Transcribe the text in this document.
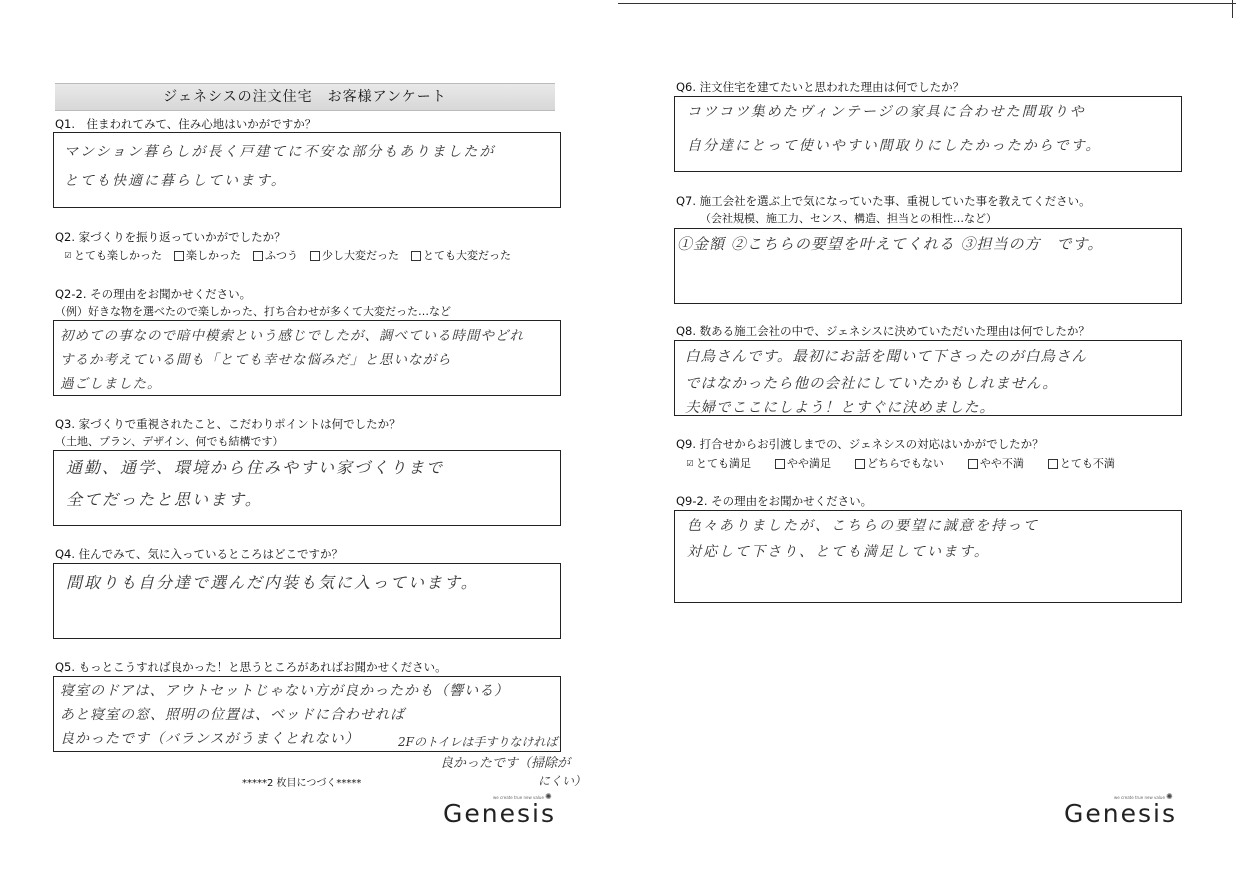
ジェネシスの注文住宅　お客様アンケート
Q1.　住まわれてみて、住み心地はいかがですか？
マンション暮らしが長く戸建てに不安な部分もありましたが
とても快適に暮らしています。
Q2. 家づくりを振り返っていかがでしたか？
☑ とても楽しかった 楽しかった ふつう 少し大変だった とても大変だった
Q2-2. その理由をお聞かせください。
（例）好きな物を選べたので楽しかった、打ち合わせが多くて大変だった…など
初めての事なので暗中模索という感じでしたが、調べている時間やどれ
するか考えている間も「とても幸せな悩みだ」と思いながら
過ごしました。
Q3. 家づくりで重視されたこと、こだわりポイントは何でしたか？
（土地、プラン、デザイン、何でも結構です）
通勤、通学、環境から住みやすい家づくりまで
全てだったと思います。
Q4. 住んでみて、気に入っているところはどこですか？
間取りも自分達で選んだ内装も気に入っています。
Q5. もっとこうすれば良かった！と思うところがあればお聞かせください。
寝室のドアは、アウトセットじゃない方が良かったかも（響いる）
あと寝室の窓、照明の位置は、ベッドに合わせれば
良かったです（バランスがうまくとれない）	2Fのトイレは手すりなければ
良かったです（掃除が
にくい）
*****2 枚目につづく*****
we create true new value ✺
Genesis
Q6. 注文住宅を建てたいと思われた理由は何でしたか？
コツコツ集めたヴィンテージの家具に合わせた間取りや
自分達にとって使いやすい間取りにしたかったからです。
Q7. 施工会社を選ぶ上で気になっていた事、重視していた事を教えてください。
（会社規模、施工力、センス、構造、担当との相性…など）
①金額 ②こちらの要望を叶えてくれる ③担当の方　です。
Q8. 数ある施工会社の中で、ジェネシスに決めていただいた理由は何でしたか？
白鳥さんです。最初にお話を聞いて下さったのが白鳥さん
ではなかったら他の会社にしていたかもしれません。
夫婦でここにしよう！とすぐに決めました。
Q9. 打合せからお引渡しまでの、ジェネシスの対応はいかがでしたか？
☑ とても満足	やや満足	どちらでもない	やや不満	とても不満
Q9-2. その理由をお聞かせください。
色々ありましたが、こちらの要望に誠意を持って
対応して下さり、とても満足しています。
we create true new value ✺
Genesis
